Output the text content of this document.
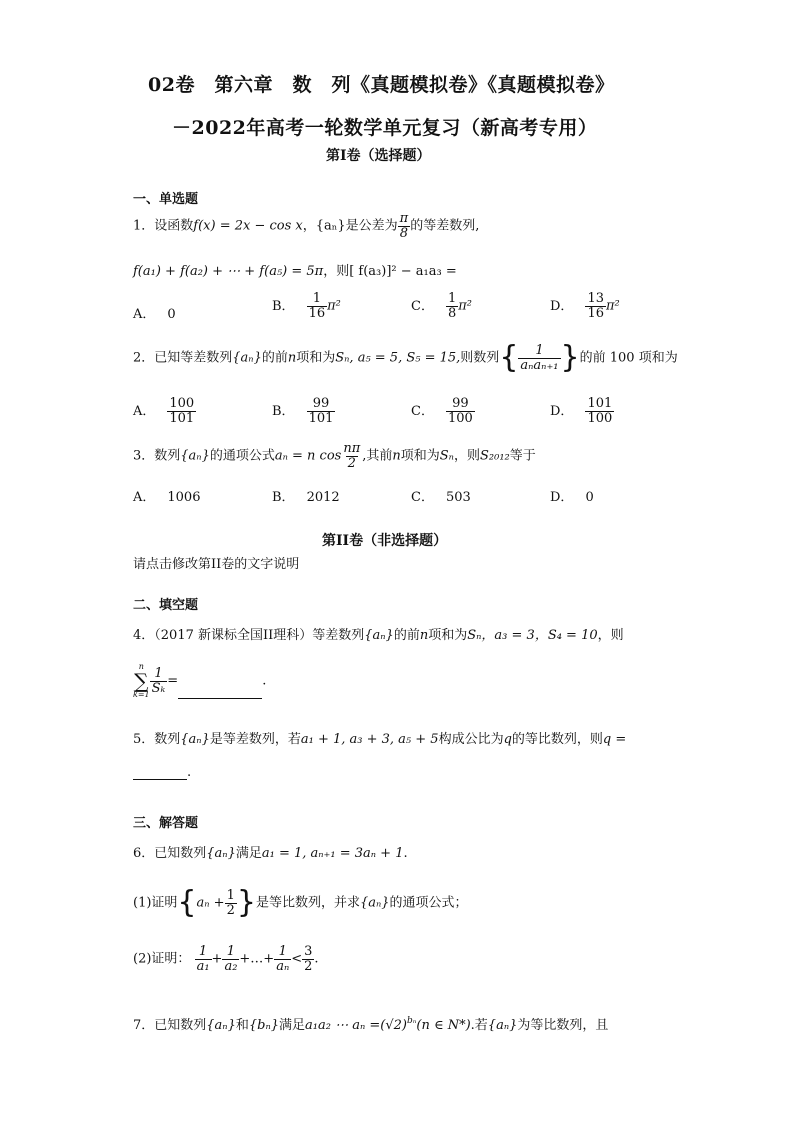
02卷　第六章　数　列《真题模拟卷》《真题模拟卷》
－2022年高考一轮数学单元复习（新高考专用）
第I卷（选择题）
一、单选题
1．设函数f(x) = 2x − cos x，{aₙ}是公差为 $\frac{\pi}{8}$ 的等差数列,
f(a₁) + f(a₂) + ⋯ + f(a₅) = 5π，则[ f(a₃)]² − a₁a₃ =
A． 0
B． $\frac{1}{16} \pi^2$	C． $\frac{1}{8} \pi^2$	D． $\frac{13}{16} \pi^2$
2．已知等差数列{aₙ}的前n项和为Sₙ, a₅ = 5, S₅ = 15,则数列{ $\frac{1}{\text{aₙaₙ₊₁}}$ }的前 100 项和为
A． $\frac{100}{101}$	B． $\frac{99}{101}$	C． $\frac{99}{100}$	D． $\frac{101}{100}$
3．数列{aₙ}的通项公式aₙ = n $\cos \frac{n\pi}{2}$ ,其前n项和为Sₙ，则S₂₀₁₂等于
A． 1006	B． 2012	C． 503	D． 0
第II卷（非选择题）
请点击修改第II卷的文字说明
二、填空题
4．（2017 新课标全国II理科）等差数列{aₙ}的前n项和为Sₙ，a₃ = 3，S₄ = 10，则
n
∑
$k=1 \frac{1}{\text{Sₖ}}$ =	.
5．数列{aₙ}是等差数列，若a₁ + 1, a₃ + 3, a₅ + 5构成公比为q的等比数列，则q =
.
三、解答题
6．已知数列{aₙ}满足a₁ = 1, aₙ₊₁ = 3aₙ + 1.
(1)证明{$a_n + \frac{1}{2}$ }是等比数列，并求{aₙ}的通项公式；
(2)证明： $\frac{1}{\text{a₁}} + \frac{1}{\text{a₂}}$ +…+ $\frac{1}{\text{aₙ}} < \frac{3}{2}$ .
7．已知数列{aₙ}和{bₙ}满足a₁a₂ ⋯ $a_n =(√2)^{b_n}(n$ ∈ N*).若{aₙ}为等比数列，且
